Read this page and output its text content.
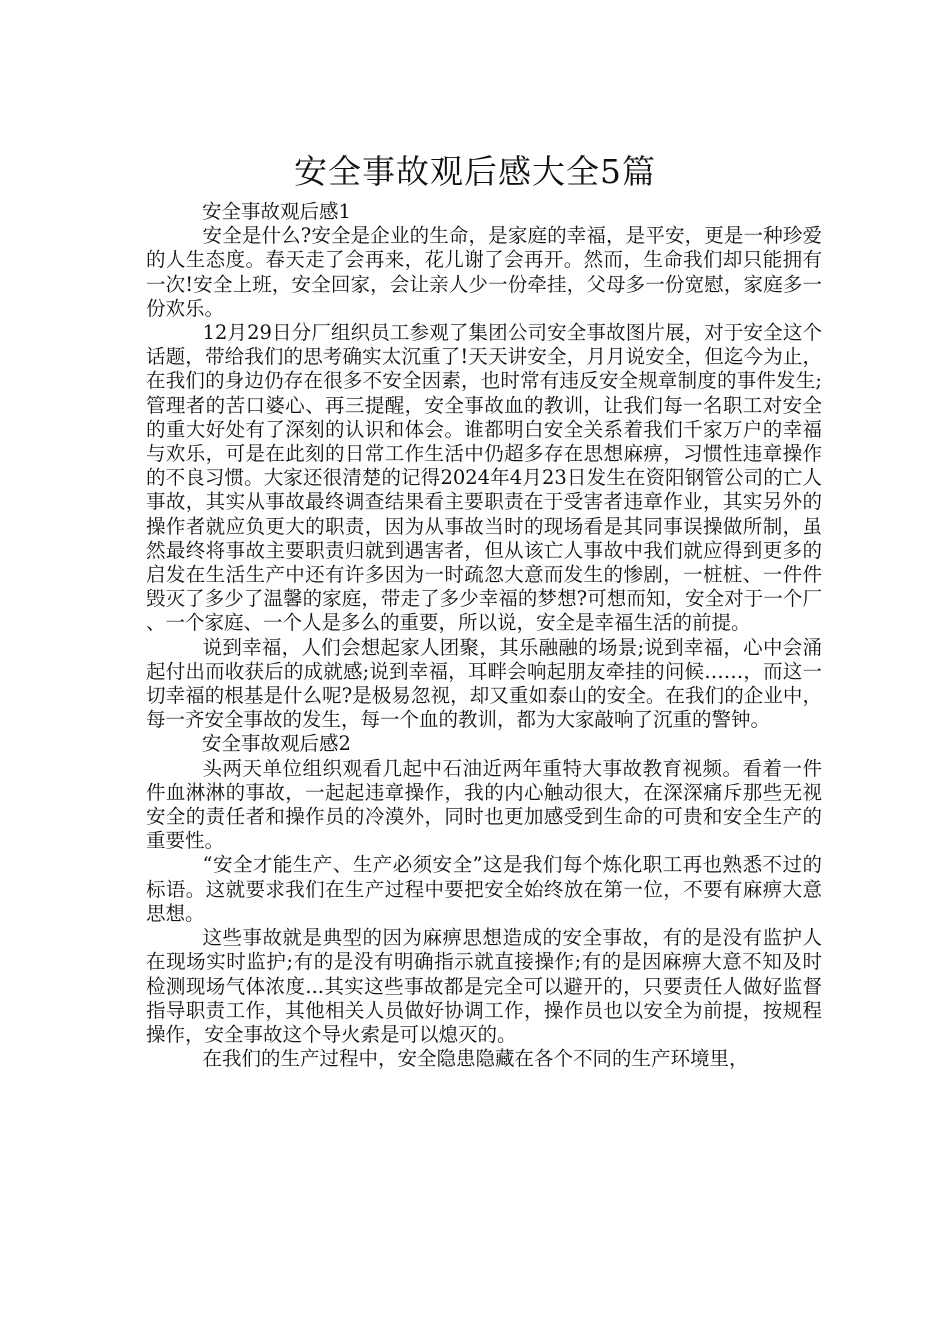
安全事故观后感大全5篇

安全事故观后感1

安全是什么?安全是企业的生命，是家庭的幸福，是平安，更是一种珍爱的人生态度。春天走了会再来，花儿谢了会再开。然而，生命我们却只能拥有一次!安全上班，安全回家，会让亲人少一份牵挂，父母多一份宽慰，家庭多一份欢乐。

12月29日分厂组织员工参观了集团公司安全事故图片展，对于安全这个话题，带给我们的思考确实太沉重了!天天讲安全，月月说安全，但迄今为止，在我们的身边仍存在很多不安全因素，也时常有违反安全规章制度的事件发生;管理者的苦口婆心、再三提醒，安全事故血的教训，让我们每一名职工对安全的重大好处有了深刻的认识和体会。谁都明白安全关系着我们千家万户的幸福与欢乐，可是在此刻的日常工作生活中仍超多存在思想麻痹，习惯性违章操作的不良习惯。大家还很清楚的记得2024年4月23日发生在资阳钢管公司的亡人事故，其实从事故最终调查结果看主要职责在于受害者违章作业，其实另外的操作者就应负更大的职责，因为从事故当时的现场看是其同事误操做所制，虽然最终将事故主要职责归就到遇害者，但从该亡人事故中我们就应得到更多的启发在生活生产中还有许多因为一时疏忽大意而发生的惨剧，一桩桩、一件件毁灭了多少了温馨的家庭，带走了多少幸福的梦想?可想而知，安全对于一个厂、一个家庭、一个人是多么的重要，所以说，安全是幸福生活的前提。

说到幸福，人们会想起家人团聚，其乐融融的场景;说到幸福，心中会涌起付出而收获后的成就感;说到幸福，耳畔会响起朋友牵挂的问候……，而这一切幸福的根基是什么呢?是极易忽视，却又重如泰山的安全。在我们的企业中，每一齐安全事故的发生，每一个血的教训，都为大家敲响了沉重的警钟。

安全事故观后感2

头两天单位组织观看几起中石油近两年重特大事故教育视频。看着一件件血淋淋的事故，一起起违章操作，我的内心触动很大，在深深痛斥那些无视安全的责任者和操作员的冷漠外，同时也更加感受到生命的可贵和安全生产的重要性。

“安全才能生产、生产必须安全”这是我们每个炼化职工再也熟悉不过的标语。这就要求我们在生产过程中要把安全始终放在第一位，不要有麻痹大意思想。

这些事故就是典型的因为麻痹思想造成的安全事故，有的是没有监护人在现场实时监护;有的是没有明确指示就直接操作;有的是因麻痹大意不知及时检测现场气体浓度...其实这些事故都是完全可以避开的，只要责任人做好监督指导职责工作，其他相关人员做好协调工作，操作员也以安全为前提，按规程操作，安全事故这个导火索是可以熄灭的。

在我们的生产过程中，安全隐患隐藏在各个不同的生产环境里，
